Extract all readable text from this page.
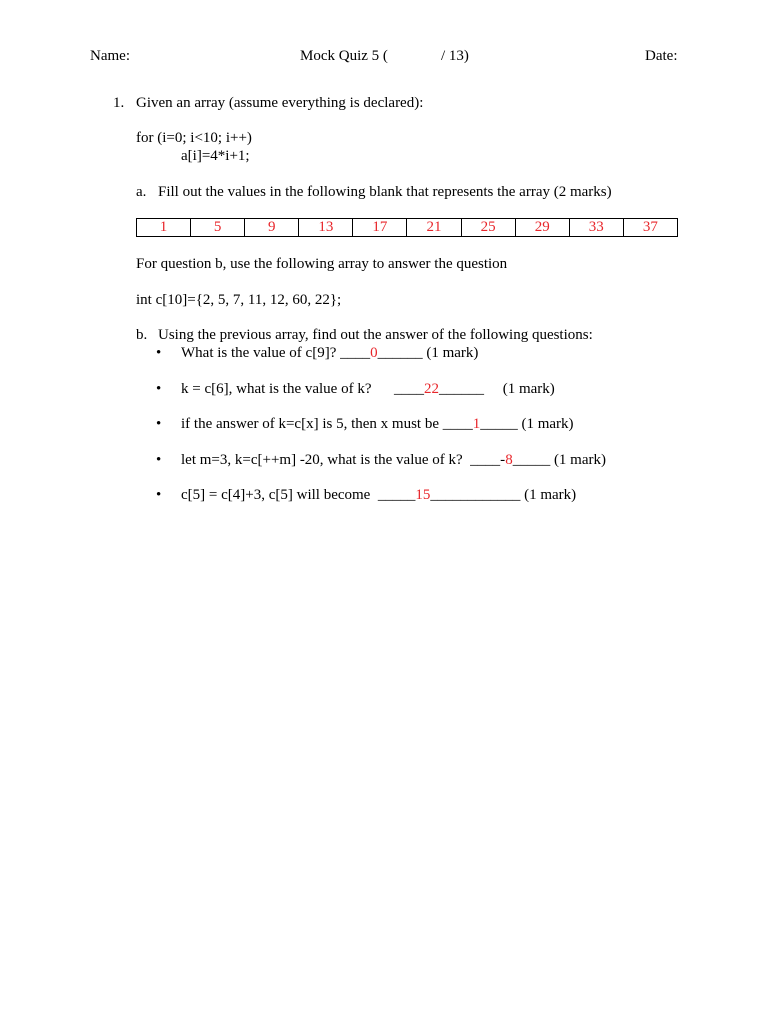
Name:	Mock Quiz 5 (	/ 13)	Date:
1. Given an array (assume everything is declared):
for (i=0; i<10; i++)
a[i]=4*i+1;
a. Fill out the values in the following blank that represents the array (2 marks)
1	5	9	13	17	21	25	29	33	37
For question b, use the following array to answer the question
int c[10]={2, 5, 7, 11, 12, 60, 22};
b. Using the previous array, find out the answer of the following questions:
• What is the value of c[9]? ____0______ (1 mark)
• k = c[6], what is the value of k?      ____22______     (1 mark)
• if the answer of k=c[x] is 5, then x must be ____1_____ (1 mark)
• let m=3, k=c[++m] -20, what is the value of k?  ____-8_____ (1 mark)
• c[5] = c[4]+3, c[5] will become  _____15____________ (1 mark)
